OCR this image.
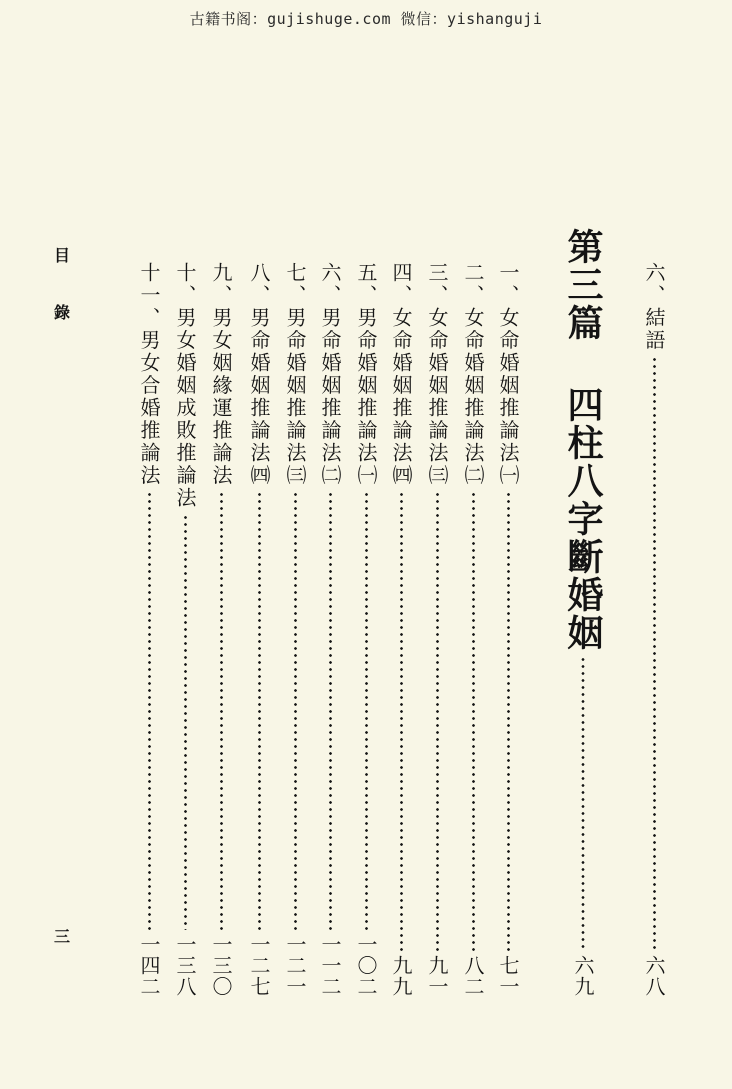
古籍书阁：gujishuge.com 微信：yishanguji
目
錄
三
六、結語
六八
第三篇 四柱八字斷婚姻
六九
一、女命婚姻推論法㈠
七一
二、女命婚姻推論法㈡
八二
三、女命婚姻推論法㈢
九一
四、女命婚姻推論法㈣
九九
五、男命婚姻推論法㈠
一〇二
六、男命婚姻推論法㈡
一一二
七、男命婚姻推論法㈢
一二一
八、男命婚姻推論法㈣
一二七
九、男女姻緣運推論法
一三〇
十、男女婚姻成敗推論法
一三八
十一、男女合婚推論法
一四二
